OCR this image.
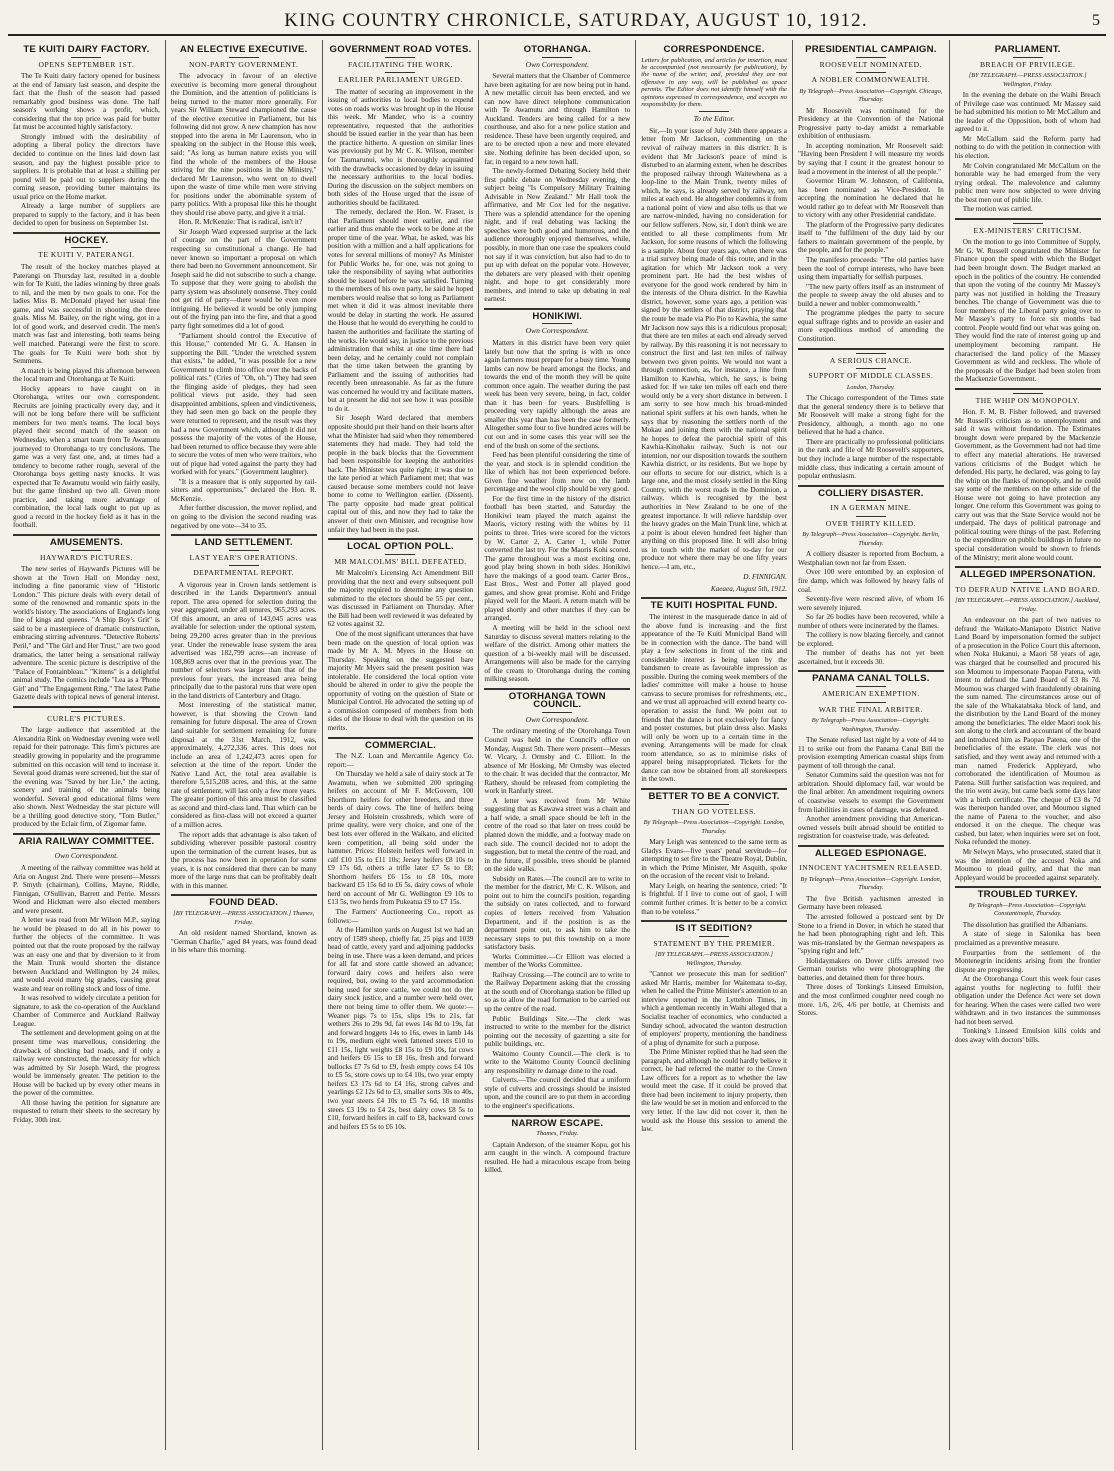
KING COUNTRY CHRONICLE, SATURDAY, AUGUST 10, 1912.	5
TE KUITI DAIRY FACTORY.
OPENS SEPTEMBER 1ST.

The Te Kuiti dairy factory opened for business at the end of January last season, and despite the fact that the flush of the season had passed remarkably good business was done. The half season's working shows a profit, which, considering that the top price was paid for butter fat must be accounted highly satisfactory.

Strongly imbued with the desirability of adopting a liberal policy the directors have decided to continue on the lines laid down last season, and pay the highest possible price to suppliers. It is probable that at least a shilling per pound will be paid out to suppliers during the coming season, providing butter maintains its usual price on the Home market.

Already a large number of suppliers are prepared to supply to the factory, and it has been decided to open for business on September 1st.

HOCKEY.
TE KUITI V. PATERANGI.

The result of the hockey matches played at Paterangi on Thursday last, resulted in a double win for Te Kuiti, the ladies winning by three goals to nil, and the men by two goals to one. For the ladies Miss B. McDonald played her usual fine game, and was successful in shooting the three goals. Miss M. Bailey, on the right wing, got in a lot of good work, and deserved credit. The men's match was fast and interesting, both teams being well matched. Paterangi were the first to score. The goals for Te Kuiti were both shot by Semmens.

A match is being played this afternoon between the local team and Otorohanga at Te Kuiti.

Hocky appears to have caught on in Otorohanga, writes our own correspondent. Recruits are joining practically every day, and it will not be long before there will be sufficient members for two men's teams. The local boys played their second match of the season on Wednesday, when a smart team from Te Awamutu journeyed to Otorohanga to try conclusions. The game was a very fast one, and, at times had a tendency to become rather rough, several of the Otorohanga boys getting nasty knocks. It was expected that Te Awamutu would win fairly easily, but the game finished up two all. Given more practice, and taking more advantage of combination, the local lads ought to put up as good a record in the hockey field as it has in the football.

AMUSEMENTS.
HAYWARD'S PICTURES.

The new series of Hayward's Pictures will be shown at the Town Hall on Monday next, including a fine panoramic view of "Historic London." This picture deals with every detail of some of the renowned and romantic spots in the world's history. The associations of England's long line of kings and queens. "A Ship Boy's Grit" is said to be a masterpiece of dramatic construction, embracing stirring adventures. "Detective Roberts' Peril," and "The Girl and Her Trust," are two good dramatics, the latter being a sensational railway adventure. The scenic picture is descriptive of the "Palace of Fontainbleau." "Kittens" is a delightful animal study. The comics include "Lea as a 'Phone Girl' and "The Engagement Ring." The latest Pathe Gazette deals with topical news of general interest.

CURLE'S PICTURES.

The large audience that assembled at the Alexandria Rink on Wednesday evening were well repaid for their patronage. This firm's pictures are steadily growing in popularity and the programme submitted on this occasion will tend to increase it. Several good dramas were screened, but the star of the evening was "Saved by her Lie," the acting, scenery and training of the animals being wonderful. Several good educational films were also shown. Next Wednesday the star picture will be a thrilling good detective story, "Tom Butler," produced by the Eclair firm, of Zigomar fame.

ARIA RAILWAY COMMITTEE.
Own Correspondent.

A meeting of the railway committee was held at Aria on August 2nd. There were present—Messrs P. Smyth (chairman), Collins, Mayne, Riddle, Finnigan, O'Sullivan, Barrett and Petrie. Messrs Wood and Hickman were also elected members and were present.

A letter was read from Mr Wilson M.P., saying he would be pleased to do all in his power to further the objects of the committee. It was pointed out that the route proposed by the railway was an easy one and that by diversion to it from the Main Trunk would shorten the distance between Auckland and Wellington by 24 miles, and would avoid many big grades, causing great waste and tear on rolling stock and loss of time.

It was resolved to widely circulate a petition for signature, to ask the co-operation of the Auckland Chamber of Commerce and Auckland Railway League.

The settlement and development going on at the present time was marvellous, considering the drawback of shocking bad roads, and if only a railway were constructed, the necessity for which was admitted by Sir Joseph Ward, the progress would be immensely greater. The petition to the House will be backed up by every other means in the power of the committee.

All those having the petition for signature are requested to return their sheets to the secretary by Friday, 30th inst.

AN ELECTIVE EXECUTIVE.
NON-PARTY GOVERNMENT.

The advocacy in favour of an elective executive is becoming more general throughout the Dominion, and the attention of politicians is being turned to the matter more generally. For years Sir William Steward championed the cause of the elective executive in Parliament, but his following did not grow. A new champion has now stepped into the arena in Mr Laurenson, who in speaking on the subject in the House this week, said: "As long as human nature exists you will find the whole of the members of the House striving for the nine positions in the Ministry," declared Mr Laurenson, who went on to dwell upon the waste of time while men were striving for positions under the abominable system of party politics. With a proposal like this he thought they should rise above party, and give it a trial.

Hon. R. McKenzie: That is radical, isn't it?

Sir Joseph Ward expressed surprise at the lack of courage on the part of the Government respecting so constitutional a change. He had never known so important a proposal on which there had been no Government announcement. Sir Joseph said he did not subscribe to such a change. To suppose that they were going to abolish the party system was absolutely nonsense. They could not get rid of party—there would be even more intriguing. He believed it would be only jumping out of the frying pan into the fire, and that a good party fight sometimes did a lot of good.

"Parliament should control the Executive of this House," contended Mr G. A. Hansen in supporting the Bill. "Under the wretched system that exists," he added, "it was possible for a new Government to climb into office over the backs of political rats." (Cries of "Oh, oh.") They had seen the flinging aside of pledges, they had seen political views put aside, they had seen disappointed ambitions, spleen and vindictiveness, they had seen men go back on the people they were returned to represent, and the result was they had a new Government which, although it did not possess the majority of the votes of the House, had been returned to office because they were able to secure the votes of men who were traitors, who out of pique had voted against the party they had worked with for years." (Government laughter).

"It is a measure that is only supported by rail-sitters and opportunists," declared the Hon. R. McKenzie.

After further discussion, the mover replied, and on going to the division the second reading was negatived by one vote—34 to 35.

LAND SETTLEMENT.
LAST YEAR'S OPERATIONS.
DEPARTMENTAL REPORT.

A vigorous year in Crown lands settlement is described in the Lands Department's annual report. The area opened for selection during the year aggregated, under all tenures, 965,293 acres. Of this amount, an area of 143,045 acres was available for selection under the optional system, being 29,200 acres greater than in the previous year. Under the renewable lease system the area advertised was 182,799 acres—an increase of 108,869 acres over that in the previous year. The number of selectors was larger than that of the previous four years, the increased area being principally due to the pastoral runs that were open in the land districts of Canterbury and Otago.

Most interesting of the statistical matter, however, is that showing the Crown land remaining for future disposal. The area of Crown land suitable for settlement remaining for future disposal at the 31st March, 1912, was, approximately, 4,272,336 acres. This does not include an area of 1,242,473 acres open for selection at the time of the report. Under the Native Land Act, the total area available is therefore 5,515,208 acres, and this, at the same rate of settlement, will last only a few more years. The greater portion of this area must be classified as second and third-class land. That which can be considered as first-class will not exceed a quarter of a million acres.

The report adds that advantage is also taken of subdividing wherever possible pastoral country upon the termination of the current leases, but as the process has now been in operation for some years, it is not considered that there can be many more of the large runs that can be profitably dealt with in this manner.

FOUND DEAD.
[BY TELEGRAPH.—PRESS ASSOCIATION.] Thames, Friday.

An old resident named Shortland, known as "German Charlie," aged 84 years, was found dead in his whare this morning.

GOVERNMENT ROAD VOTES.
FACILITATING THE WORK.
EARLIER PARLIAMENT URGED.

The matter of securing an improvement in the issuing of authorities to local bodies to expend votes on roads works was brought up in the House this week. Mr Mander, who is a country representative, requested that the authorities should be issued earlier in the year than has been the practice hitherto. A question on similar lines was previously put by Mr C. K. Wilson, member for Taumarunui, who is thoroughly acquainted with the drawbacks occasioned by delay in issuing the necessary authorities to the local bodies. During the discussion on the subject members on both sides of the House urged that the issue of authorities should be facilitated.

The remedy, declared the Hon. W. Fraser, is that Parliament should meet earlier, and rise earlier and thus enable the work to be done at the proper time of the year. What, he asked, was his position with a million and a half applications for votes for several millions of money? As Minister for Public Works he, for one, was not going to take the responsibility of saying what authorities should be issued before he was satisfied. Turning to the members of his own party, he said he hoped members would realise that so long as Parliament met when it did it was almost inevitable there would be delay in starting the work. He assured the House that he would do everything he could to hasten the authorities and facilitate the starting of the works. He would say, in justice to the previous administration that whilst at one time there had been delay, and he certainly could not complain that the time taken between the granting by Parliament and the issuing of authorities had recently been unreasonable. As far as the future was concerned he would try and facilitate matters, but at present he did not see how it was possible to do it.

Sir Joseph Ward declared that members opposite should put their hand on their hearts after what the Minister had said when they remembered statements they had made. They had told the people in the back blocks that the Government had been responsible for keeping the authorities back. The Minister was quite right; it was due to the late period at which Parliament met; that was caused because some members could not leave home to come to Wellington earlier. (Dissent). The party opposite had made great political capital out of this, and now they had to take the answer of their own Minister, and recognise how unfair they had been in the past.

LOCAL OPTION POLL.
MR MALCOLMS' BILL DEFEATED.

Mr Malcolm's Licensing Act Amendment Bill providing that the next and every subsequent poll the majority required to determine any question submitted to the electors should be 55 per cent., was discussed in Parliament on Thursday. After the Bill had been well reviewed it was defeated by 62 votes against 32.

One of the most significant utterances that have been made on the question of local option was made by Mr A. M. Myers in the House on Thursday. Speaking on the suggested bare majority Mr Myers said the present position was intolerable. He considered the local option vote should be altered in order to give the people the opportunity of voting on the question of State or Municipal Control. He advocated the setting up of a commission composed of members from both sides of the House to deal with the question on its merits.

COMMERCIAL.

The N.Z. Loan and Mercantile Agency Co. report:—

On Thursday we held a sale of dairy stock at Te Awamutu, when we submitted 200 springing heifers on account of Mr F. McGovern, 100 Shorthorn heifers for other breeders, and three herds of dairy cows. The line of heifers being Jersey and Holstein crossbreds, which were of prime quality, were very choice, and one of the best lots ever offered in the Waikato, and elicited keen competition, all being sold under the hammer. Prices: Holstein heifers well forward in calf £10 15s to £11 10s; Jersey heifers £8 10s to £9 17s 6d, others a trifle later £7 5s to £8; Shorthorn heifers £6 15s to £8 10s, more backward £5 15s 6d to £6 5s, dairy cows of whole herd on account of Mr G. Wellington £9 10s to £13 5s, two herds from Pukeatua £9 to £7 15s.

The Farmers' Auctioneering Co., report as follows:—

At the Hamilton yards on August 1st we had an entry of 1589 sheep, chiefly fat, 25 pigs and 1039 head of cattle, every yard and adjoining paddocks being in use. There was a keen demand, and prices for all fat and store cattle showed an advance; forward dairy cows and heifers also were required, but, owing to the yard accommodation being used for store cattle, we could not do the dairy stock justice, and a number were held over, there not being time to offer them. We quote:—Weaner pigs 7s to 15s, slips 19s to 21s, fat wethers 26s to 29s 9d, fat ewes 14s 8d to 19s, fat and forward hoggets 14s to 16s, ewes in lamb 14s to 19s, medium eight week fattened steers £10 to £11 15s, light weights £8 15s to £9 10s, fat cows and heifers £6 15s to £8 16s, fresh and forward bullocks £7 7s 6d to £9, fresh empty cows £4 10s to £5 5s, store cows up to £4 10s, two year empty heifers £3 17s 6d to £4 16s, strong calves and yearlings £2 12s 6d to £3, smaller sorts 30s to 40s, two year steers £4 10s to £5 7s 6d, 18 months steers £3 19s to £4 2s, best dairy cows £8 5s to £10, forward heifers in calf to £8, backward cows and heifers £5 5s to £6 10s.

OTORHANGA.
Own Correspondent.

Several matters that the Chamber of Commerce have been agitating for are now being put in hand. A new metallic circuit has been erected, and we can now have direct telephone communication with Te Awamutu and through Hamilton to Auckland. Tenders are being called for a new courthouse, and also for a new police station and residence. These have been urgently required, and are to be erected upon a new and more elevated site. Nothing definite has been decided upon, so far, in regard to a new town hall.

The newly-formed Debating Society held their first public debate on Wednesday evening, the subject being "Is Compulsory Military Training Advisable in New Zealand." Mr Hall took the affirmative, and Mr Cox led for the negative. There was a splendid attendance for the opening night, and if real debating was lacking the speeches were both good and humorous, and the audience thoroughly enjoyed themselves, while, possibly, in more than one case the speakers could not say if it was conviction, but also had to do to put up with defeat on the popular vote. However, the debaters are very pleased with their opening night, and hope to get considerably more members, and intend to take up debating in real earnest.

HONIKIWI.
Own Correspondent.

Matters in this district have been very quiet lately but now that the spring is with us once again farmers must prepare for a busy time. Young lambs can now be heard amongst the flocks, and towards the end of the month they will be quite common once again. The weather during the past week has been very severe, being, in fact, colder than it has been for years. Bushfelling is proceeding very rapidly although the areas are smaller this year than has been the case formerly. Altogether some four to five hundred acres will be cut out and in some cases this year will see the end of the bush on some of the sections.

Feed has been plentiful considering the time of the year, and stock is in splendid condition the like of which has not been experienced before. Given fine weather from now on the lamb percentage and the wool clip should be very good.

For the first time in the history of the district football has been started, and Saturday the Honikiwi team played the match against the Maoris, victory resting with the whites by 11 points to three. Tries were scored for the victors by W. Carter 2, A. Carter 1, while Potter converted the last try. For the Maoris Kohi scored. The game throughout was a most exciting one, good play being shown in both sides. Honikiwi have the makings of a good team. Carter Bros., East Bros., West and Potter all played good games, and show great promise. Kohi and Fridge played well for the Maori. A return match will be played shortly and other matches if they can be arranged.

A meeting will be held in the school next Saturday to discuss several matters relating to the welfare of the district. Among other matters the question of a bi-weekly mail will be discussed. Arrangements will also be made for the carrying of the cream to Otorohanga during the coming milking season.

OTORHANGA TOWN COUNCIL.
Own Correspondent.

The ordinary meeting of the Otorohanga Town Council was held in the Council's office on Monday, August 5th. There were present—Messrs W. Vicary, J. Ormsby and C. Elliott. In the absence of Mr Hosking, Mr Ormsby was elected to the chair. It was decided that the contractor, Mr Rathery, should be released from completing the work in Ranfurly street.

A letter was received from Mr White suggesting that as Kawawa street was a chain and a half wide, a small space should be left in the centre of the road so that later on trees could be planted down the middle, and a footway made on each side. The council decided not to adopt the suggestion, but to metal the centre of the road, and in the future, if possible, trees should be planted on the side walks.

Subsidy on Rates.—The council are to write to the member for the district, Mr C. K. Wilson, and point out to him the council's position, regarding the subsidy on rates collected, and to forward copies of letters received from Valuation Department, and if the position is as the department point out, to ask him to take the necessary steps to put this township on a more satisfactory basis.

Works Committee.—Cr Elliott was elected a member of the Works Committee.

Railway Crossing.—The council are to write to the Railway Department asking that the crossing at the south end of Otorohanga station be filled up so as to allow the road formation to be carried out up the centre of the road.

Public Buildings Site.—The clerk was instructed to write to the member for the district pointing out the necessity of gazetting a site for public buildings, etc.

Waitomo County Council.—The clerk is to write to the Waitomo County Council declining any responsibility re damage done to the road.

Culverts.—The council decided that a uniform style of culverts and crossings should be insisted upon, and the council are to put them in according to the engineer's specifications.

NARROW ESCAPE.
Thames, Friday.

Captain Anderson, of the steamer Kopu, got his arm caught in the winch. A compound fracture resulted. He had a miraculous escape from being killed.

CORRESPONDENCE.

Letters for publication, and articles for insertion, must be accompanied (not necessarily for publication), by the name of the writer, and, provided they are not offensive in any way, will be published as space permits. The Editor does not identify himself with the opinions expressed in correspondence, and accepts no responsibility for them.

To the Editor.

Sir,—In your issue of July 24th there appears a letter from Mr Jackson, commenting on the revival of railway matters in this district. It is evident that Mr Jackson's peace of mind is disturbed to an alarming extent, when he describes the proposed railway through Waitewhena as a loop-line to the Main Trunk, twenty miles of which, he says, is already served by railway, ten miles at each end. He altogether condemns it from a national point of view and also tells us that we are narrow-minded, having no consideration for our fellow sufferers. Now, sir, I don't think we are entitled to all these compliments from Mr Jackson, for some reasons of which the following is a sample. About four years ago, when there was a trial survey being made of this route, and in the agitation for which Mr Jackson took a very prominent part. He had the best wishes of everyone for the good work rendered by him in the interests of the Ohura district. In the Kawhia district, however, some years ago, a petition was signed by the settlers of that district, praying that the route be made via Pio Pio to Kawhia, the same Mr Jackson now says this is a ridiculous proposal; that there are ten miles at each end already served by railway. By this reasoning it is not necessary to construct the first and last ten miles of railway between two given points. We would not want a through connection, as, for instance, a line from Hamilton to Kawhia, which, he says, is being asked for. If we take ten miles off each end there would only be a very short distance in between. I am sorry to see how much his broad-minded national spirit suffers at his own hands, when he says that by reasoning the settlers north of the Mokau and joining them with the national spirit he hopes to defeat the parochial spirit of this Kawhia-Kinohaku railway. Such is not our intention, nor our disposition towards the southern Kawhia district, or its residents. But we hope by our efforts to secure for our district, which is a large one, and the most closely settled in the King Country, with the worst roads in the Dominion, a railway, which is recognised by the best authorities in New Zealand to be one of the greatest importance. It will relieve hardship over the heavy grades on the Main Trunk line, which at a point is about eleven hundred feet higher than anything on this proposed line. It will also bring us in touch with the market of to-day for our produce not where there may be one fifty years hence.—I am, etc.,

D. FINNIGAN.

Kaeaea, August 5th, 1912.

TE KUITI HOSPITAL FUND.

The interest in the masquerade dance in aid of the above fund is increasing and the first appearance of the Te Kuiti Municipal Band will be in connection with the dance. The band will play a few selections in front of the rink and considerable interest is being taken by the bandsmen to create as favourable impression as possible. During the coming week members of the ladies' committee will make a house to house canvass to secure promises for refreshments, etc., and we trust all approached will extend hearty co-operation to assist the fund. We point out to friends that the dance is not exclusively for fancy and poster costumes, but plain dress also. Masks will only be worn up to a certain time in the evening. Arrangements will be made for cloak room attendance, so as to minimise risks of apparel being misappropriated. Tickets for the dance can now be obtained from all storekeepers in the town.

BETTER TO BE A CONVICT.
THAN GO VOTELESS.
By Telegraph—Press Association—Copyright. London, Thursday.

Mary Leigh was sentenced to the same term as Gladys Evans—five years' penal servitude—for attempting to set fire to the Theatre Royal, Dublin, in which the Prime Minister, Mr Asquith, spoke on the occasion of the recent visit to Ireland.

Mary Leigh, on hearing the sentence, cried: "It is frightful. If I live to come out of gaol, I will commit further crimes. It is better to be a convict than to be voteless."

IS IT SEDITION?
STATEMENT BY THE PREMIER.
[BY TELEGRAPH.—PRESS ASSOCIATION.] Wellington, Thursday.

"Cannot we prosecute this man for sedition" asked Mr Harris, member for Waitemata to-day, when he called the Prime Minister's attention to an interview reported in the Lyttelton Times, in which a gentleman recently in Waihi alleged that a Socialist teacher of economics, who conducted a Sunday school, advocated the wanton destruction of employers' property, mentioning the handiness of a plug of dynamite for such a purpose.

The Prime Minister replied that he had seen the paragraph, and although he could hardly believe it correct, he had referred the matter to the Crown Law officers for a report as to whether the law would meet the case. If it could be proved that there had been incitement to injury property, then the law would be set in motion and enforced to the very letter. If the law did not cover it, then he would ask the House this session to amend the law.

PRESIDENTIAL CAMPAIGN.
ROOSEVELT NOMINATED.
A NOBLER COMMONWEALTH.
By Telegraph—Press Association—Copyright. Chicago, Thursday.

Mr Roosevelt was nominated for the Presidency at the Convention of the National Progressive party to-day amidst a remarkable exhibition of enthusiasm.

In accepting nomination, Mr Roosevelt said: "Having been President I will measure my words by saying that I count it the greatest honour to lead a movement in the interest of all the people."

Governor Hiram W. Johnston, of California, has been nominated as Vice-President. In accepting the nomination he declared that he would rather go to defeat with Mr Roosevelt than to victory with any other Presidential candidate.

The platform of the Progressive party dedicates itself to "the fulfilment of the duty laid by our fathers to maintain government of the people, by the people, and for the people."

The manifesto proceeds: "The old parties have been the tool of corrupt interests, who have been using them impartially for selfish purposes.

"The new party offers itself as an instrument of the people to sweep away the old abuses and to build a newer and nobler commonwealth."

The programme pledges the party to secure equal suffrage rights and to provide an easier and more expeditious method of amending the Constitution.

A SERIOUS CHANCE.
SUPPORT OF MIDDLE CLASSES.
London, Thursday.

The Chicago correspondent of the Times state that the general tendency there is to believe that Mr Roosevelt will make a strong fight for the Presidency, although, a month ago no one believed that he had a chance.

There are practically no professional politicians in the rank and file of Mr Roosevelt's supporters, but they include a large number of the respectable middle class, thus indicating a certain amount of popular enthusiasm.

COLLIERY DISASTER.
IN A GERMAN MINE.
OVER THIRTY KILLED.
By Telegraph—Press Association—Copyright. Berlin, Thursday.

A colliery disaster is reported from Bochum, a Westphalian town not far from Essen.

Over 100 were entombed by an explosion of fire damp, which was followed by heavy falls of coal.

Seventy-five were rescued alive, of whom 16 were severely injured.

So far 26 bodies have been recovered, while a number of others were incinerated by the flames.

The colliery is now blazing fiercely, and cannot be explored.

The number of deaths has not yet been ascertained, but it exceeds 30.

PANAMA CANAL TOLLS.
AMERICAN EXEMPTION.
WAR THE FINAL ARBITER.
By Telegraph—Press Association—Copyright. Washington, Thursday.

The Senate refused last night by a vote of 44 to 11 to strike out from the Panama Canal Bill the provision exempting American coastal ships from payment of toll through the canal.

Senator Cummins said the question was not for arbitration. Should diplomacy fail, war would be the final arbiter. An amendment requiring owners of coastwise vessels to exempt the Government from liabilities in cases of damage, was defeated.

Another amendment providing that American-owned vessels built abroad should be entitled to registration for coastwise trade, was defeated.

ALLEGED ESPIONAGE.
INNOCENT YACHTSMEN RELEASED.
By Telegraph—Press Association—Copyright. London, Thursday.

The five British yachtsmen arrested in Germany have been released.

The arrested followed a postcard sent by Dr Stone to a friend in Dover, in which he stated that he had been photographing right and left. This was mis-translated by the German newspapers as "spying right and left."

Holidaymakers on Dover cliffs arrested two German tourists who were photographing the batteries, and detained them for three hours.

Three doses of Tonking's Linseed Emulsion, and the most confirmed coughter need cough no more. 1/6, 2/6, 4/6 per bottle, at Chemists and Stores.

PARLIAMENT.
BREACH OF PRIVILEGE.
[BY TELEGRAPH.—PRESS ASSOCIATION.] Wellington, Friday.

In the evening the debate on the Waihi Breach of Privilege case was continued. Mr Massey said he had submitted his motion to Mr McCallum and the leader of the Opposition, both of whom had agreed to it.

Mr McCallum said the Reform party had nothing to do with the petition in connection with his election.

Mr Colvin congratulated Mr McCallum on the honorable way he had emerged from the very trying ordeal. The malevolence and calumny public men were now subjected to were driving the best men out of public life.

The motion was carried.

EX-MINISTERS' CRITICISM.

On the motion to go into Committee of Supply, Mr G. W. Russell congratulated the Minister for Finance upon the speed with which the Budget had been brought down. The Budget marked an epoch in the politics of the country. He contended that upon the voting of the country Mr Massey's party was not justified in holding the Treasury benches. The change of Government was due to four members of the Liberal party going over to Mr Massey's party to force six months bad control. People would find out what was going on. They would find the rate of interest going up and unemployment becoming rampant. He characterised the land policy of the Massey Government as wild and reckless. The whole of the proposals of the Budget had been stolen from the Mackenzie Government.

THE WHIP ON MONOPOLY.

Hon. F. M. B. Fisher followed, and traversed Mr Russell's criticism as to unemployment and said it was without foundation. The Estimates brought down were prepared by the Mackenzie Government, as the Government had not had time to effect any material alterations. He traversed various criticisms of the Budget which he defended. His party, he declared, was going to lay the whip on the flanks of monopoly, and he could say some of the members on the other side of the House were not going to have protection any longer. One reform this Government was going to carry out was that the State Service would not be underpaid. The days of political patronage and political touting were things of the past. Referring to the expenditure on public buildings in future no special consideration would be shown to friends of the Ministry; merit alone would count.

ALLEGED IMPERSONATION.
TO DEFRAUD NATIVE LAND BOARD.
[BY TELEGRAPH.—PRESS ASSOCIATION.] Auckland, Friday.

An endeavour on the part of two natives to defraud the Waikato-Maniapoto District Native Land Board by impersonation formed the subject of a prosecution in the Police Court this afternoon, when Noka Hukanui, a Maori 58 years of age, was charged that he counselled and procured his son Moumou to impersonate Paopao Patena, with intent to defraud the Land Board of £3 8s 7d. Moumou was charged with fraudulently obtaining the sum named. The circumstances arose out of the sale of the Whakatabtaka block of land, and the distribution by the Land Board of the money among the beneficiaries. The elder Maori took his son along to the clerk and accountant of the board and introduced him as Paopao Patena, one of the beneficiaries of the estate. The clerk was not satisfied, and they went away and returned with a man named Frederick Appleyard, who corroborated the identification of Moumou as Patena. Still further satisfaction was required, and the trio went away, but came back some days later with a birth certificate. The cheque of £3 8s 7d was thereupon handed over, and Moumou signed the name of Patena to the voucher, and also endorsed it on the cheque. The cheque was cashed, but later, when inquiries were set on foot, Noka refunded the money.

Mr Selwyn Mays, who prosecuted, stated that it was the intention of the accused Noka and Moumou to plead guilty, and that the man Appleyard would be proceeded against separately.

TROUBLED TURKEY.
By Telegraph—Press Association—Copyright. Constantinople, Thursday.

The dissolution has gratified the Albanians.

A state of siege in Salonika has been proclaimed as a preventive measure.

Fourparties from the settlement of the Montenegrin incidents arising from the frontier dispute are progressing.

At the Otorohanga Court this week four cases against youths for neglecting to fulfil their obligation under the Defence Act were set down for hearing. When the cases were called two were withdrawn and in two instances the summonses had not been served.

Tonking's Linseed Emulsion kills colds and does away with doctors' bills.
